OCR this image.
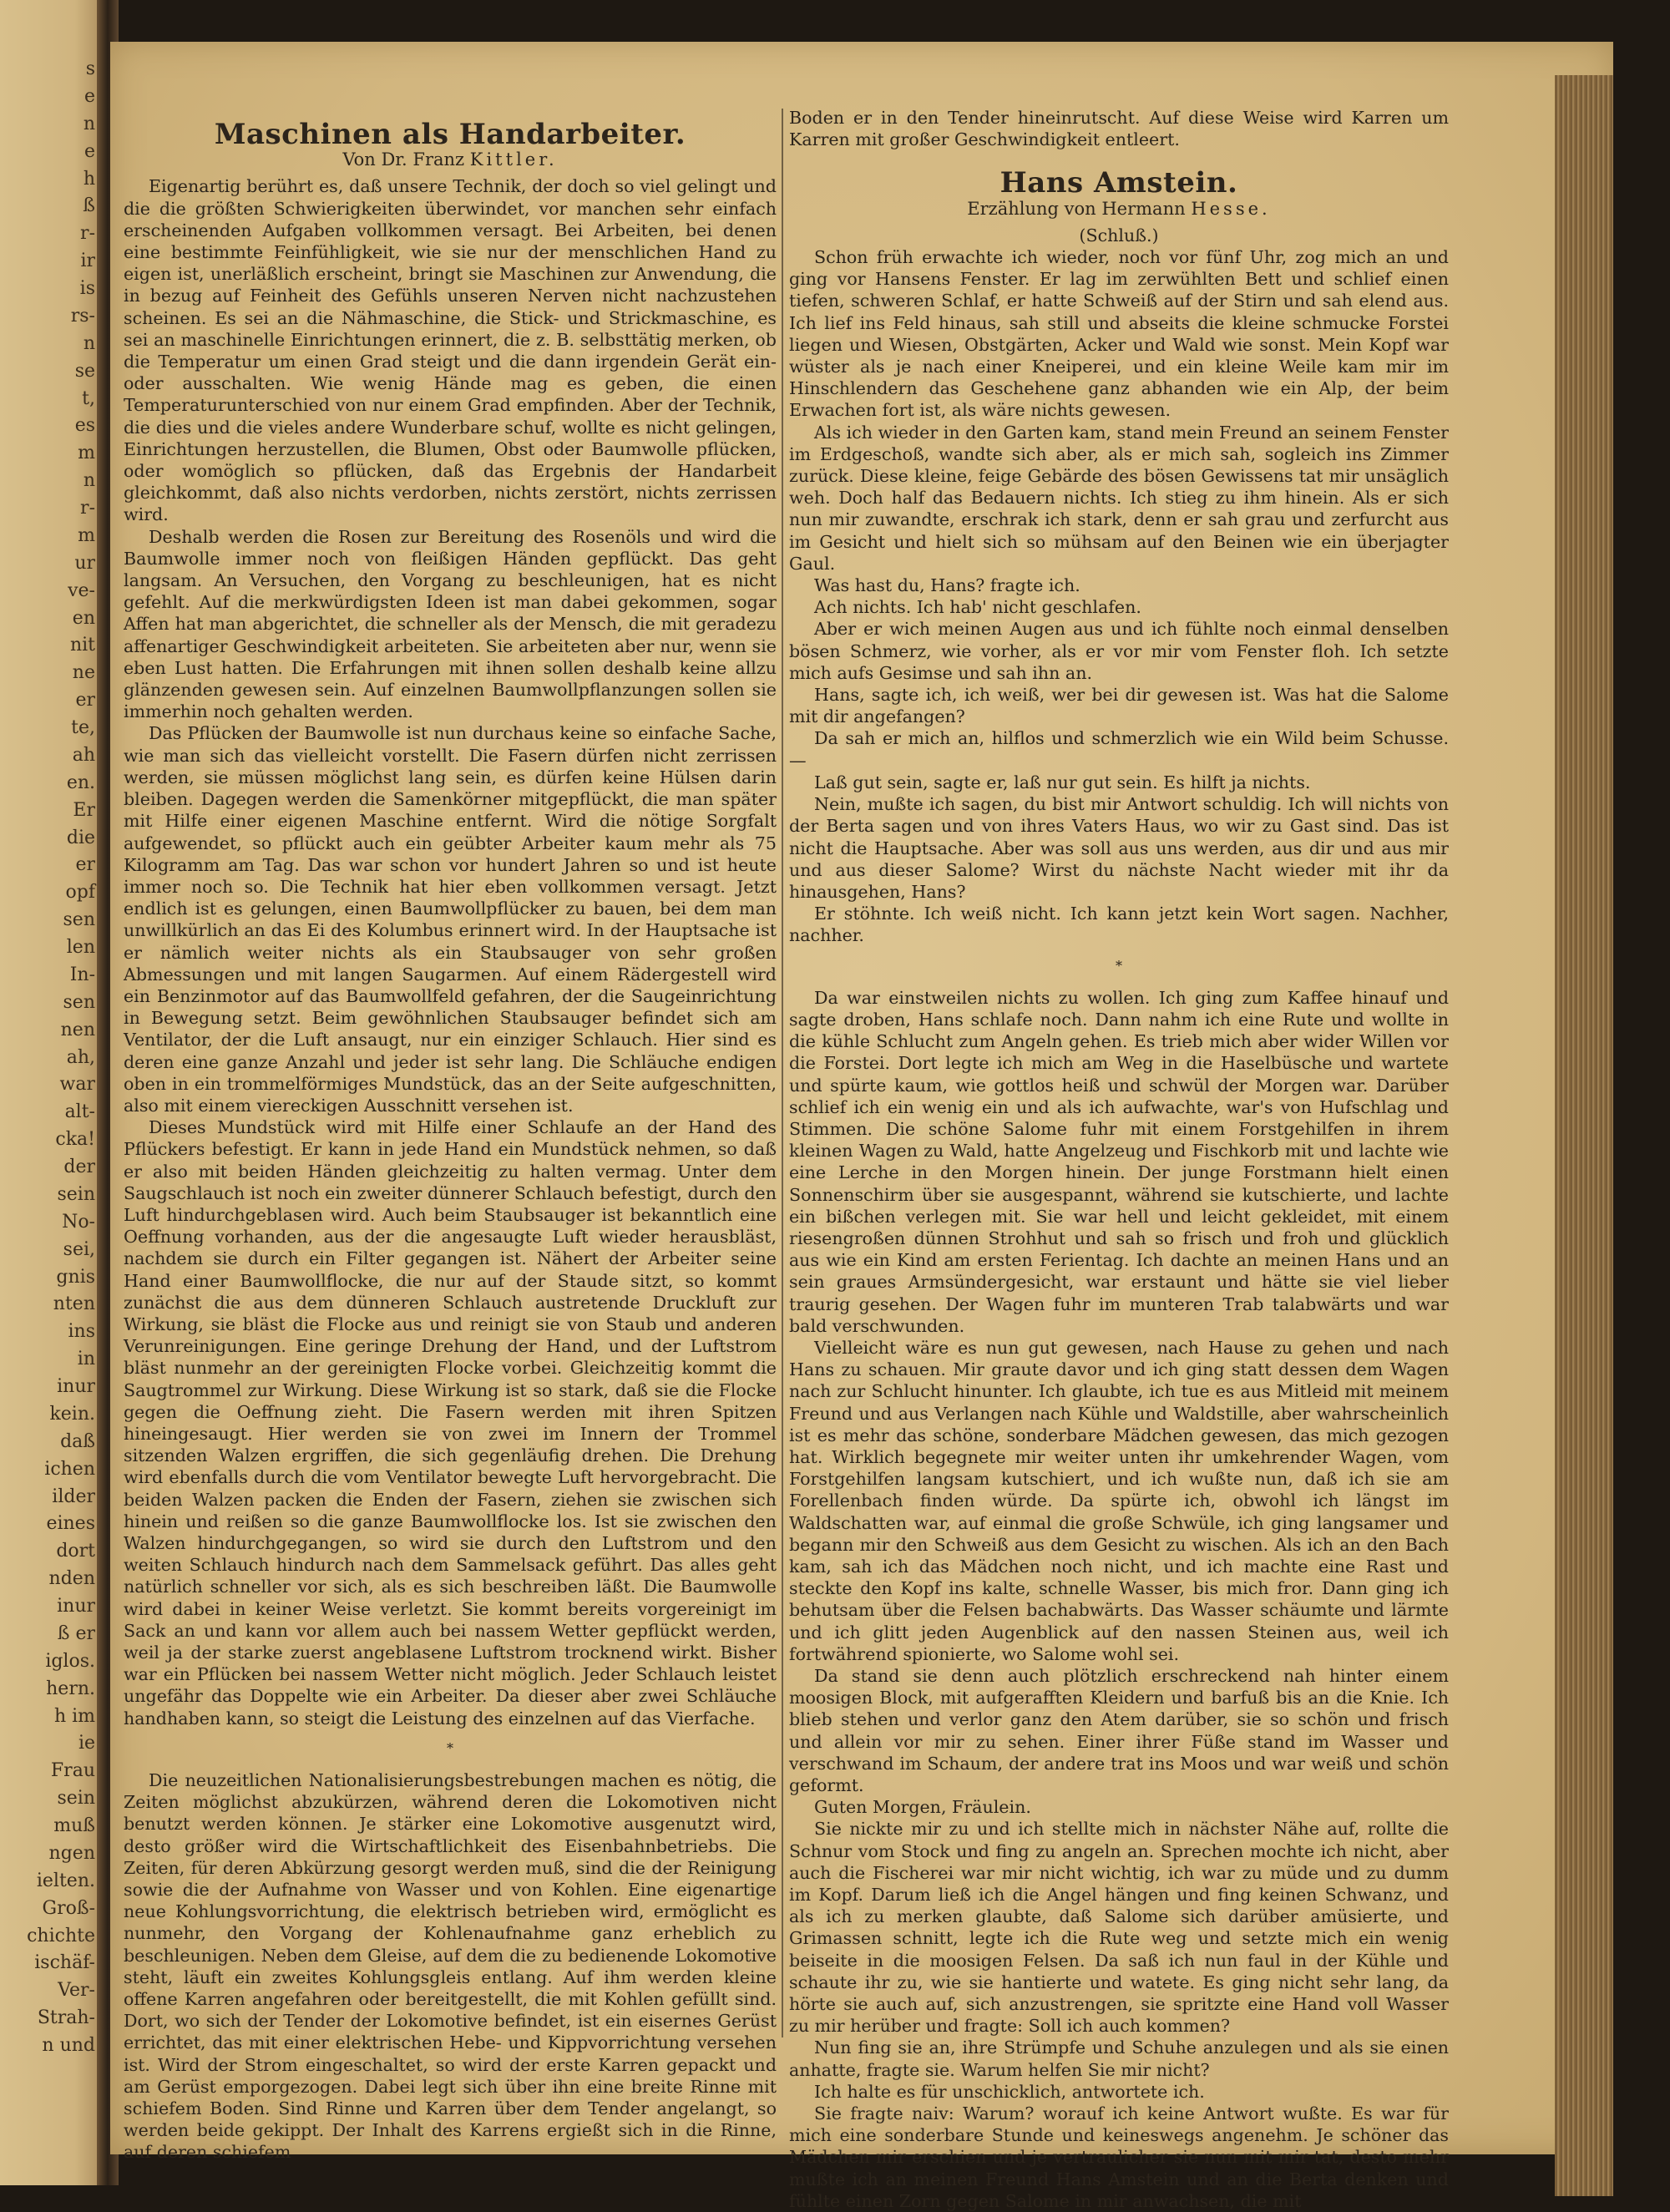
s
e
n
e
h
ß
r-
ir
is
rs-
n
se
t,
es
m
n
r-
m
ur
ve-
en
nit
ne
er
te,
ah
en.
Er
die
er
opf
sen
len
In-
sen
nen
ah,
war
alt-
cka!
der
sein
No-
sei,
gnis
nten
ins
in
inur
kein.
daß
ichen
ilder
eines
dort
nden
inur
ß er
iglos.
hern.
h im
ie
Frau
sein
muß
ngen
ielten.
Groß-
chichte
ischäf-
Ver-
Strah-
n und
Maschinen als Handarbeiter.
Von Dr. Franz Kittler.

Eigenartig berührt es, daß unsere Technik, der doch so viel gelingt und die die größten Schwierigkeiten überwindet, vor manchen sehr einfach erscheinenden Aufgaben vollkommen versagt. Bei Arbeiten, bei denen eine bestimmte Feinfühligkeit, wie sie nur der menschlichen Hand zu eigen ist, unerläßlich erscheint, bringt sie Maschinen zur Anwendung, die in bezug auf Feinheit des Gefühls unseren Nerven nicht nachzustehen scheinen. Es sei an die Nähmaschine, die Stick- und Strickmaschine, es sei an maschinelle Einrichtungen erinnert, die z. B. selbsttätig merken, ob die Temperatur um einen Grad steigt und die dann irgendein Gerät ein- oder ausschalten. Wie wenig Hände mag es geben, die einen Temperaturunterschied von nur einem Grad empfinden. Aber der Technik, die dies und die vieles andere Wunderbare schuf, wollte es nicht gelingen, Einrichtungen herzustellen, die Blumen, Obst oder Baumwolle pflücken, oder womöglich so pflücken, daß das Ergebnis der Handarbeit gleichkommt, daß also nichts verdorben, nichts zerstört, nichts zerrissen wird.

Deshalb werden die Rosen zur Bereitung des Rosenöls und wird die Baumwolle immer noch von fleißigen Händen gepflückt. Das geht langsam. An Versuchen, den Vorgang zu beschleunigen, hat es nicht gefehlt. Auf die merkwürdigsten Ideen ist man dabei gekommen, sogar Affen hat man abgerichtet, die schneller als der Mensch, die mit geradezu affenartiger Geschwindigkeit arbeiteten. Sie arbeiteten aber nur, wenn sie eben Lust hatten. Die Erfahrungen mit ihnen sollen deshalb keine allzu glänzenden gewesen sein. Auf einzelnen Baumwollpflanzungen sollen sie immerhin noch gehalten werden.

Das Pflücken der Baumwolle ist nun durchaus keine so einfache Sache, wie man sich das vielleicht vorstellt. Die Fasern dürfen nicht zerrissen werden, sie müssen möglichst lang sein, es dürfen keine Hülsen darin bleiben. Dagegen werden die Samenkörner mitgepflückt, die man später mit Hilfe einer eigenen Maschine entfernt. Wird die nötige Sorgfalt aufgewendet, so pflückt auch ein geübter Arbeiter kaum mehr als 75 Kilogramm am Tag. Das war schon vor hundert Jahren so und ist heute immer noch so. Die Technik hat hier eben vollkommen versagt. Jetzt endlich ist es gelungen, einen Baumwollpflücker zu bauen, bei dem man unwillkürlich an das Ei des Kolumbus erinnert wird. In der Hauptsache ist er nämlich weiter nichts als ein Staubsauger von sehr großen Abmessungen und mit langen Saugarmen. Auf einem Rädergestell wird ein Benzinmotor auf das Baumwollfeld gefahren, der die Saugeinrichtung in Bewegung setzt. Beim gewöhnlichen Staubsauger befindet sich am Ventilator, der die Luft ansaugt, nur ein einziger Schlauch. Hier sind es deren eine ganze Anzahl und jeder ist sehr lang. Die Schläuche endigen oben in ein trommelförmiges Mundstück, das an der Seite aufgeschnitten, also mit einem viereckigen Ausschnitt versehen ist.

Dieses Mundstück wird mit Hilfe einer Schlaufe an der Hand des Pflückers befestigt. Er kann in jede Hand ein Mundstück nehmen, so daß er also mit beiden Händen gleichzeitig zu halten vermag. Unter dem Saugschlauch ist noch ein zweiter dünnerer Schlauch befestigt, durch den Luft hindurchgeblasen wird. Auch beim Staubsauger ist bekanntlich eine Oeffnung vorhanden, aus der die angesaugte Luft wieder herausbläst, nachdem sie durch ein Filter gegangen ist. Nähert der Arbeiter seine Hand einer Baumwollflocke, die nur auf der Staude sitzt, so kommt zunächst die aus dem dünneren Schlauch austretende Druckluft zur Wirkung, sie bläst die Flocke aus und reinigt sie von Staub und anderen Verunreinigungen. Eine geringe Drehung der Hand, und der Luftstrom bläst nunmehr an der gereinigten Flocke vorbei. Gleichzeitig kommt die Saugtrommel zur Wirkung. Diese Wirkung ist so stark, daß sie die Flocke gegen die Oeffnung zieht. Die Fasern werden mit ihren Spitzen hineingesaugt. Hier werden sie von zwei im Innern der Trommel sitzenden Walzen ergriffen, die sich gegenläufig drehen. Die Drehung wird ebenfalls durch die vom Ventilator bewegte Luft hervorgebracht. Die beiden Walzen packen die Enden der Fasern, ziehen sie zwischen sich hinein und reißen so die ganze Baumwollflocke los. Ist sie zwischen den Walzen hindurchgegangen, so wird sie durch den Luftstrom und den weiten Schlauch hindurch nach dem Sammelsack geführt. Das alles geht natürlich schneller vor sich, als es sich beschreiben läßt. Die Baumwolle wird dabei in keiner Weise verletzt. Sie kommt bereits vorgereinigt im Sack an und kann vor allem auch bei nassem Wetter gepflückt werden, weil ja der starke zuerst angeblasene Luftstrom trocknend wirkt. Bisher war ein Pflücken bei nassem Wetter nicht möglich. Jeder Schlauch leistet ungefähr das Doppelte wie ein Arbeiter. Da dieser aber zwei Schläuche handhaben kann, so steigt die Leistung des einzelnen auf das Vierfache.

*

Die neuzeitlichen Nationalisierungsbestrebungen machen es nötig, die Zeiten möglichst abzukürzen, während deren die Lokomotiven nicht benutzt werden können. Je stärker eine Lokomotive ausgenutzt wird, desto größer wird die Wirtschaftlichkeit des Eisenbahnbetriebs. Die Zeiten, für deren Abkürzung gesorgt werden muß, sind die der Reinigung sowie die der Aufnahme von Wasser und von Kohlen. Eine eigenartige neue Kohlungsvorrichtung, die elektrisch betrieben wird, ermöglicht es nunmehr, den Vorgang der Kohlenaufnahme ganz erheblich zu beschleunigen. Neben dem Gleise, auf dem die zu bedienende Lokomotive steht, läuft ein zweites Kohlungsgleis entlang. Auf ihm werden kleine offene Karren angefahren oder bereitgestellt, die mit Kohlen gefüllt sind. Dort, wo sich der Tender der Lokomotive befindet, ist ein eisernes Gerüst errichtet, das mit einer elektrischen Hebe- und Kippvorrichtung versehen ist. Wird der Strom eingeschaltet, so wird der erste Karren gepackt und am Gerüst emporgezogen. Dabei legt sich über ihn eine breite Rinne mit schiefem Boden. Sind Rinne und Karren über dem Tender angelangt, so werden beide gekippt. Der Inhalt des Karrens ergießt sich in die Rinne, auf deren schiefem

Boden er in den Tender hineinrutscht. Auf diese Weise wird Karren um Karren mit großer Geschwindigkeit entleert.

Hans Amstein.
Erzählung von Hermann Hesse.
(Schluß.)

Schon früh erwachte ich wieder, noch vor fünf Uhr, zog mich an und ging vor Hansens Fenster. Er lag im zerwühlten Bett und schlief einen tiefen, schweren Schlaf, er hatte Schweiß auf der Stirn und sah elend aus. Ich lief ins Feld hinaus, sah still und abseits die kleine schmucke Forstei liegen und Wiesen, Obstgärten, Acker und Wald wie sonst. Mein Kopf war wüster als je nach einer Kneiperei, und ein kleine Weile kam mir im Hinschlendern das Geschehene ganz abhanden wie ein Alp, der beim Erwachen fort ist, als wäre nichts gewesen.

Als ich wieder in den Garten kam, stand mein Freund an seinem Fenster im Erdgeschoß, wandte sich aber, als er mich sah, sogleich ins Zimmer zurück. Diese kleine, feige Gebärde des bösen Gewissens tat mir unsäglich weh. Doch half das Bedauern nichts. Ich stieg zu ihm hinein. Als er sich nun mir zuwandte, erschrak ich stark, denn er sah grau und zerfurcht aus im Gesicht und hielt sich so mühsam auf den Beinen wie ein überjagter Gaul.

Was hast du, Hans? fragte ich.

Ach nichts. Ich hab' nicht geschlafen.

Aber er wich meinen Augen aus und ich fühlte noch einmal denselben bösen Schmerz, wie vorher, als er vor mir vom Fenster floh. Ich setzte mich aufs Gesimse und sah ihn an.

Hans, sagte ich, ich weiß, wer bei dir gewesen ist. Was hat die Salome mit dir angefangen?

Da sah er mich an, hilflos und schmerzlich wie ein Wild beim Schusse. —

Laß gut sein, sagte er, laß nur gut sein. Es hilft ja nichts.

Nein, mußte ich sagen, du bist mir Antwort schuldig. Ich will nichts von der Berta sagen und von ihres Vaters Haus, wo wir zu Gast sind. Das ist nicht die Hauptsache. Aber was soll aus uns werden, aus dir und aus mir und aus dieser Salome? Wirst du nächste Nacht wieder mit ihr da hinausgehen, Hans?

Er stöhnte. Ich weiß nicht. Ich kann jetzt kein Wort sagen. Nachher, nachher.

*

Da war einstweilen nichts zu wollen. Ich ging zum Kaffee hinauf und sagte droben, Hans schlafe noch. Dann nahm ich eine Rute und wollte in die kühle Schlucht zum Angeln gehen. Es trieb mich aber wider Willen vor die Forstei. Dort legte ich mich am Weg in die Haselbüsche und wartete und spürte kaum, wie gottlos heiß und schwül der Morgen war. Darüber schlief ich ein wenig ein und als ich aufwachte, war's von Hufschlag und Stimmen. Die schöne Salome fuhr mit einem Forstgehilfen in ihrem kleinen Wagen zu Wald, hatte Angelzeug und Fischkorb mit und lachte wie eine Lerche in den Morgen hinein. Der junge Forstmann hielt einen Sonnenschirm über sie ausgespannt, während sie kutschierte, und lachte ein bißchen verlegen mit. Sie war hell und leicht gekleidet, mit einem riesengroßen dünnen Strohhut und sah so frisch und froh und glücklich aus wie ein Kind am ersten Ferientag. Ich dachte an meinen Hans und an sein graues Armsündergesicht, war erstaunt und hätte sie viel lieber traurig gesehen. Der Wagen fuhr im munteren Trab talabwärts und war bald verschwunden.

Vielleicht wäre es nun gut gewesen, nach Hause zu gehen und nach Hans zu schauen. Mir graute davor und ich ging statt dessen dem Wagen nach zur Schlucht hinunter. Ich glaubte, ich tue es aus Mitleid mit meinem Freund und aus Verlangen nach Kühle und Waldstille, aber wahrscheinlich ist es mehr das schöne, sonderbare Mädchen gewesen, das mich gezogen hat. Wirklich begegnete mir weiter unten ihr umkehrender Wagen, vom Forstgehilfen langsam kutschiert, und ich wußte nun, daß ich sie am Forellenbach finden würde. Da spürte ich, obwohl ich längst im Waldschatten war, auf einmal die große Schwüle, ich ging langsamer und begann mir den Schweiß aus dem Gesicht zu wischen. Als ich an den Bach kam, sah ich das Mädchen noch nicht, und ich machte eine Rast und steckte den Kopf ins kalte, schnelle Wasser, bis mich fror. Dann ging ich behutsam über die Felsen bachabwärts. Das Wasser schäumte und lärmte und ich glitt jeden Augenblick auf den nassen Steinen aus, weil ich fortwährend spionierte, wo Salome wohl sei.

Da stand sie denn auch plötzlich erschreckend nah hinter einem moosigen Block, mit aufgerafften Kleidern und barfuß bis an die Knie. Ich blieb stehen und verlor ganz den Atem darüber, sie so schön und frisch und allein vor mir zu sehen. Einer ihrer Füße stand im Wasser und verschwand im Schaum, der andere trat ins Moos und war weiß und schön geformt.

Guten Morgen, Fräulein.

Sie nickte mir zu und ich stellte mich in nächster Nähe auf, rollte die Schnur vom Stock und fing zu angeln an. Sprechen mochte ich nicht, aber auch die Fischerei war mir nicht wichtig, ich war zu müde und zu dumm im Kopf. Darum ließ ich die Angel hängen und fing keinen Schwanz, und als ich zu merken glaubte, daß Salome sich darüber amüsierte, und Grimassen schnitt, legte ich die Rute weg und setzte mich ein wenig beiseite in die moosigen Felsen. Da saß ich nun faul in der Kühle und schaute ihr zu, wie sie hantierte und watete. Es ging nicht sehr lang, da hörte sie auch auf, sich anzustrengen, sie spritzte eine Hand voll Wasser zu mir herüber und fragte: Soll ich auch kommen?

Nun fing sie an, ihre Strümpfe und Schuhe anzulegen und als sie einen anhatte, fragte sie. Warum helfen Sie mir nicht?

Ich halte es für unschicklich, antwortete ich.

Sie fragte naiv: Warum? worauf ich keine Antwort wußte. Es war für mich eine sonderbare Stunde und keineswegs angenehm. Je schöner das Mädchen mir erschien und je vertraulicher sie nun mit mir tat, desto mehr mußte ich an meinen Freund Hans Amstein und an die Berta denken und fühlte einen Zorn gegen Salome in mir anwachsen, die mit
